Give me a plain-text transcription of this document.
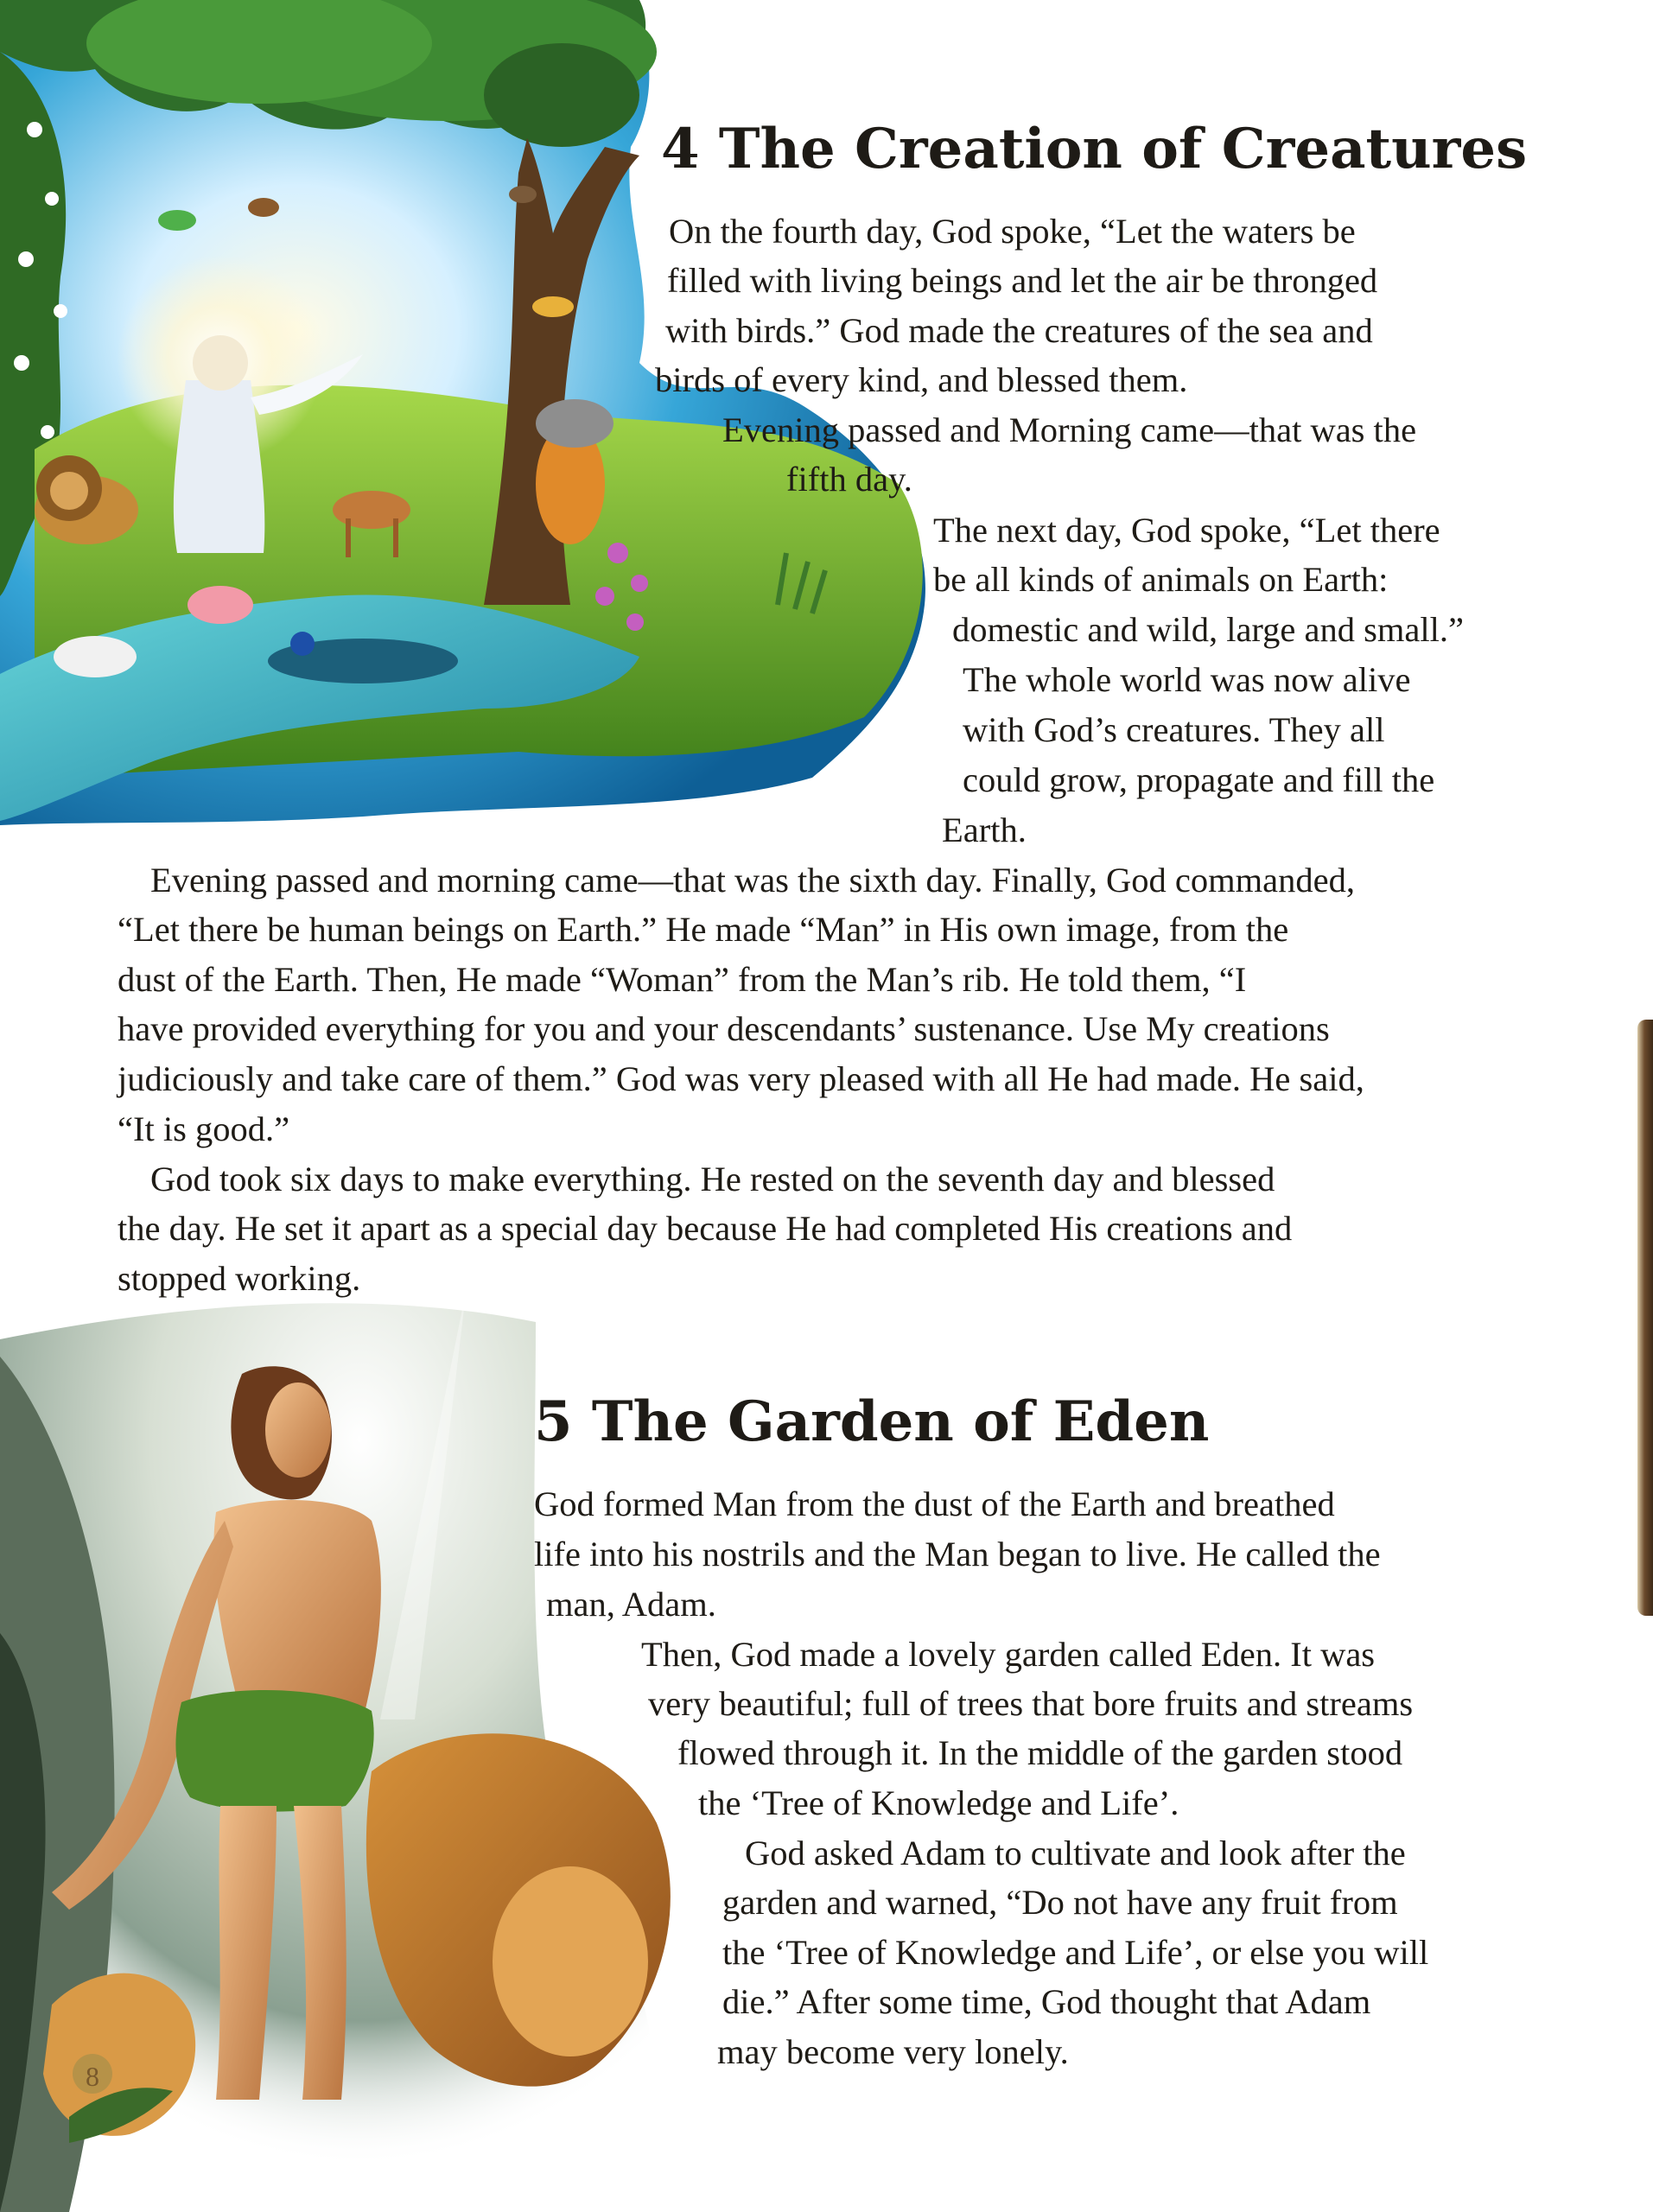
4 The Creation of Creatures

On the fourth day, God spoke, “Let the waters be

filled with living beings and let the air be thronged

with birds.” God made the creatures of the sea and

birds of every kind, and blessed them.

Evening passed and Morning came—that was the

fifth day.

The next day, God spoke, “Let there

be all kinds of animals on Earth:

domestic and wild, large and small.”

The whole world was now alive

with God’s creatures. They all

could grow, propagate and fill the

Earth.

Evening passed and morning came—that was the sixth day. Finally, God commanded,

“Let there be human beings on Earth.” He made “Man” in His own image, from the

dust of the Earth. Then, He made “Woman” from the Man’s rib. He told them, “I

have provided everything for you and your descendants’ sustenance. Use My creations

judiciously and take care of them.” God was very pleased with all He had made. He said,

“It is good.”

God took six days to make everything. He rested on the seventh day and blessed

the day. He set it apart as a special day because He had completed His creations and

stopped working.

5 The Garden of Eden

God formed Man from the dust of the Earth and breathed

life into his nostrils and the Man began to live. He called the

man, Adam.

Then, God made a lovely garden called Eden. It was

very beautiful; full of trees that bore fruits and streams

flowed through it. In the middle of the garden stood

the ‘Tree of Knowledge and Life’.

God asked Adam to cultivate and look after the

garden and warned, “Do not have any fruit from

the ‘Tree of Knowledge and Life’, or else you will

die.” After some time, God thought that Adam

may become very lonely.

8
